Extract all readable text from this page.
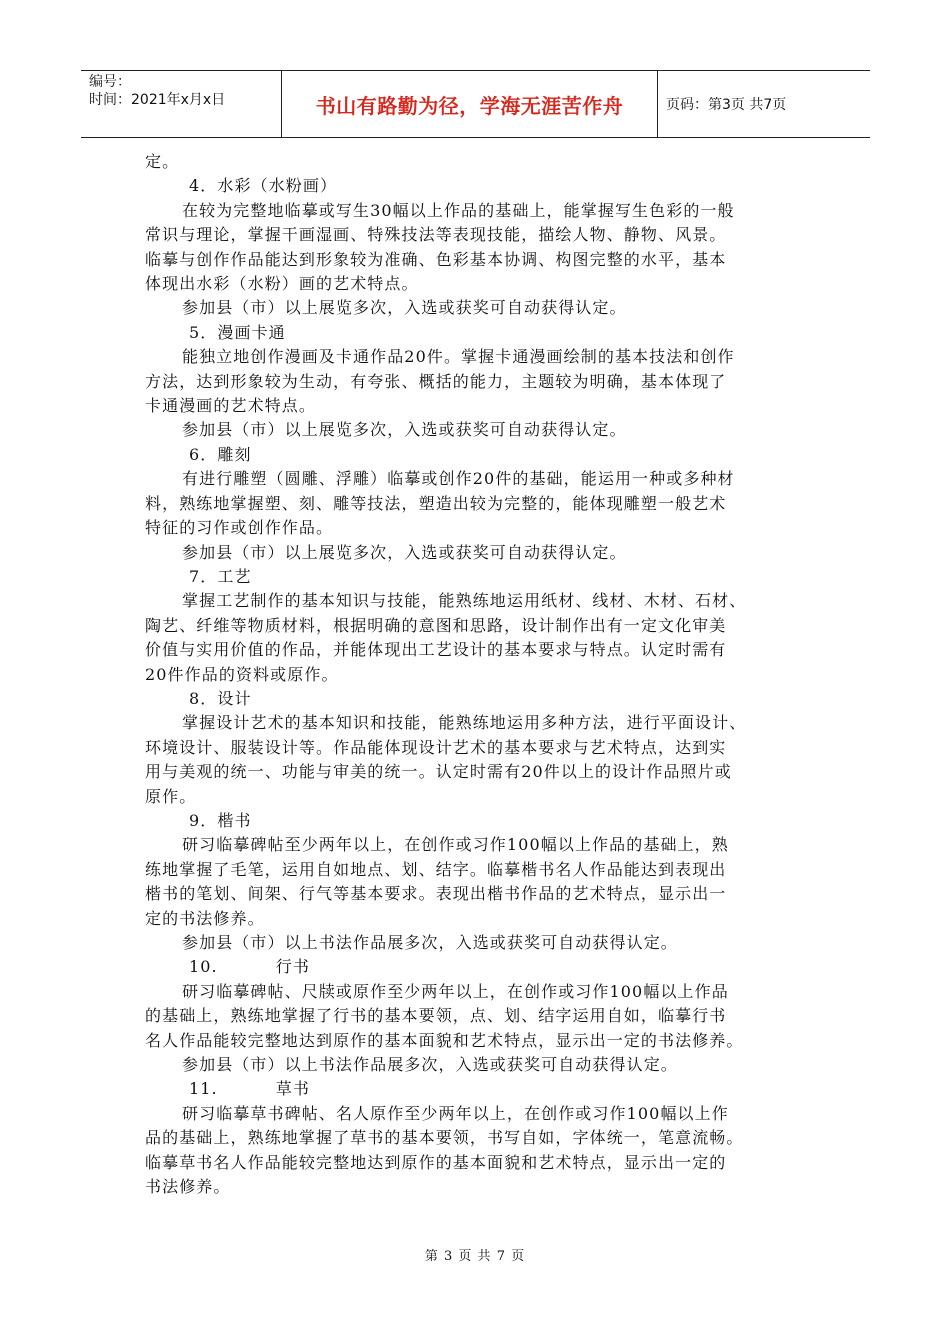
编号：
时间：2021年x月x日	书山有路勤为径，学海无涯苦作舟	页码：第3页 共7页

定。

4．水彩（水粉画）

在较为完整地临摹或写生30幅以上作品的基础上，能掌握写生色彩的一般

常识与理论，掌握干画湿画、特殊技法等表现技能，描绘人物、静物、风景。

临摹与创作作品能达到形象较为准确、色彩基本协调、构图完整的水平，基本

体现出水彩（水粉）画的艺术特点。

参加县（市）以上展览多次，入选或获奖可自动获得认定。

5．漫画卡通

能独立地创作漫画及卡通作品20件。掌握卡通漫画绘制的基本技法和创作

方法，达到形象较为生动，有夸张、概括的能力，主题较为明确，基本体现了

卡通漫画的艺术特点。

参加县（市）以上展览多次，入选或获奖可自动获得认定。

6．雕刻

有进行雕塑（圆雕、浮雕）临摹或创作20件的基础，能运用一种或多种材

料，熟练地掌握塑、刻、雕等技法，塑造出较为完整的，能体现雕塑一般艺术

特征的习作或创作作品。

参加县（市）以上展览多次，入选或获奖可自动获得认定。

7．工艺

掌握工艺制作的基本知识与技能，能熟练地运用纸材、线材、木材、石材、

陶艺、纤维等物质材料，根据明确的意图和思路，设计制作出有一定文化审美

价值与实用价值的作品，并能体现出工艺设计的基本要求与特点。认定时需有

20件作品的资料或原作。

8．设计

掌握设计艺术的基本知识和技能，能熟练地运用多种方法，进行平面设计、

环境设计、服装设计等。作品能体现设计艺术的基本要求与艺术特点，达到实

用与美观的统一、功能与审美的统一。认定时需有20件以上的设计作品照片或

原作。

9．楷书

研习临摹碑帖至少两年以上，在创作或习作100幅以上作品的基础上，熟

练地掌握了毛笔，运用自如地点、划、结字。临摹楷书名人作品能达到表现出

楷书的笔划、间架、行气等基本要求。表现出楷书作品的艺术特点，显示出一

定的书法修养。

参加县（市）以上书法作品展多次，入选或获奖可自动获得认定。

10.	行书

研习临摹碑帖、尺牍或原作至少两年以上，在创作或习作100幅以上作品

的基础上，熟练地掌握了行书的基本要领，点、划、结字运用自如，临摹行书

名人作品能较完整地达到原作的基本面貌和艺术特点，显示出一定的书法修养。

参加县（市）以上书法作品展多次，入选或获奖可自动获得认定。

11.	草书

研习临摹草书碑帖、名人原作至少两年以上，在创作或习作100幅以上作

品的基础上，熟练地掌握了草书的基本要领，书写自如，字体统一，笔意流畅。

临摹草书名人作品能较完整地达到原作的基本面貌和艺术特点，显示出一定的

书法修养。

第 3 页 共 7 页
